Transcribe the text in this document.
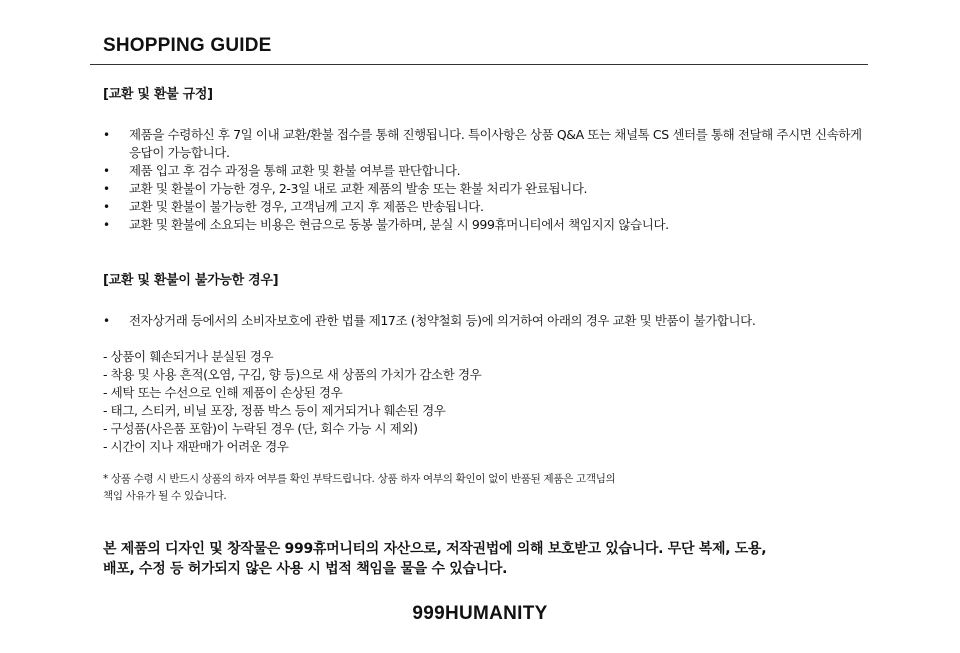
SHOPPING GUIDE

[교환 및 환불 규정]

• 제품을 수령하신 후 7일 이내 교환/환불 접수를 통해 진행됩니다. 특이사항은 상품 Q&A 또는 채널톡 CS 센터를 통해 전달해 주시면 신속하게 응답이 가능합니다.
• 제품 입고 후 검수 과정을 통해 교환 및 환불 여부를 판단합니다.
• 교환 및 환불이 가능한 경우, 2-3일 내로 교환 제품의 발송 또는 환불 처리가 완료됩니다.
• 교환 및 환불이 불가능한 경우, 고객님께 고지 후 제품은 반송됩니다.
• 교환 및 환불에 소요되는 비용은 현금으로 동봉 불가하며, 분실 시 999휴머니티에서 책임지지 않습니다.

[교환 및 환불이 불가능한 경우]

• 전자상거래 등에서의 소비자보호에 관한 법률 제17조 (청약철회 등)에 의거하여 아래의 경우 교환 및 반품이 불가합니다.
- 상품이 훼손되거나 분실된 경우
- 착용 및 사용 흔적(오염, 구김, 향 등)으로 새 상품의 가치가 감소한 경우
- 세탁 또는 수선으로 인해 제품이 손상된 경우
- 태그, 스티커, 비닐 포장, 정품 박스 등이 제거되거나 훼손된 경우
- 구성품(사은품 포함)이 누락된 경우 (단, 회수 가능 시 제외)
- 시간이 지나 재판매가 어려운 경우

* 상품 수령 시 반드시 상품의 하자 여부를 확인 부탁드립니다. 상품 하자 여부의 확인이 없이 반품된 제품은 고객님의

책임 사유가 될 수 있습니다.

본 제품의 디자인 및 창작물은 999휴머니티의 자산으로, 저작권법에 의해 보호받고 있습니다. 무단 복제, 도용,

배포, 수정 등 허가되지 않은 사용 시 법적 책임을 물을 수 있습니다.

999HUMANITY
